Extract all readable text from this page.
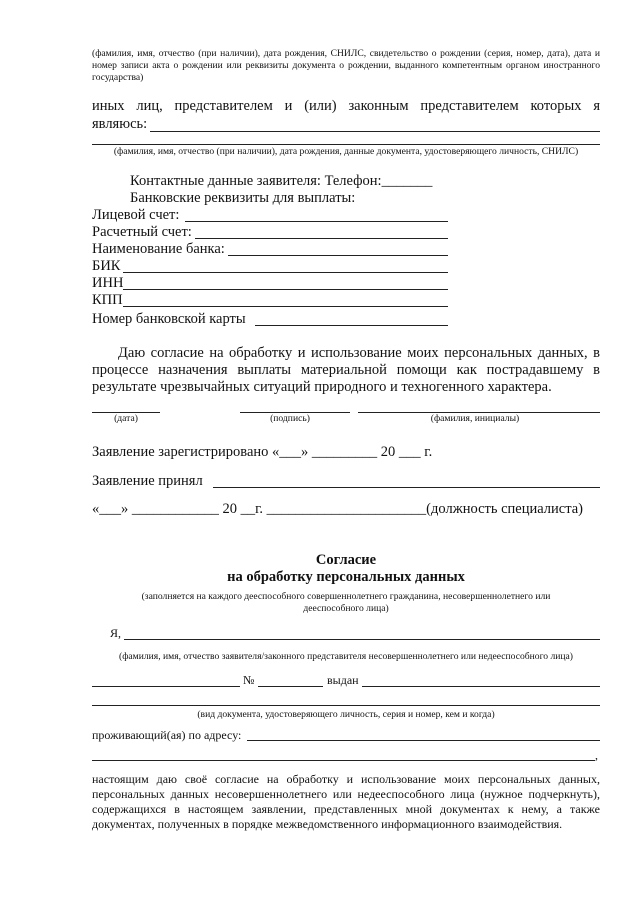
(фамилия, имя, отчество (при наличии), дата рождения, СНИЛС, свидетельство о рождении (серия, номер, дата), дата и номер записи акта о рождении или реквизиты документа о рождении, выданного компетентным органом иностранного государства)
иных лиц, представителем и (или) законным представителем которых я
являюсь:
(фамилия, имя, отчество (при наличии), дата рождения, данные документа, удостоверяющего личность, СНИЛС)
Контактные данные заявителя: Телефон:_______
Банковские реквизиты для выплаты:
Лицевой счет:
Расчетный счет:
Наименование банка:
БИК
ИНН
КПП
Номер банковской карты
Даю согласие на обработку и использование моих персональных данных, в процессе назначения выплаты материальной помощи как пострадавшему в результате чрезвычайных ситуаций природного и техногенного характера.
(дата)	(подпись)	(фамилия, инициалы)
Заявление зарегистрировано «___» _________ 20 ___ г.
Заявление принял
«___» ____________ 20 __г. ______________________(должность специалиста)
Согласие
на обработку персональных данных
(заполняется на каждого дееспособного совершеннолетнего гражданина, несовершеннолетнего или дееспособного лица)
Я,
(фамилия, имя, отчество заявителя/законного представителя несовершеннолетнего или недееспособного лица)
№	выдан
(вид документа, удостоверяющего личность, серия и номер, кем и когда)
проживающий(ая) по адресу:
,
настоящим даю своё согласие на обработку и использование моих персональных данных, персональных данных несовершеннолетнего или недееспособного лица (нужное подчеркнуть), содержащихся в настоящем заявлении, представленных мной документах к нему, а также документах, полученных в порядке межведомственного информационного взаимодействия.
